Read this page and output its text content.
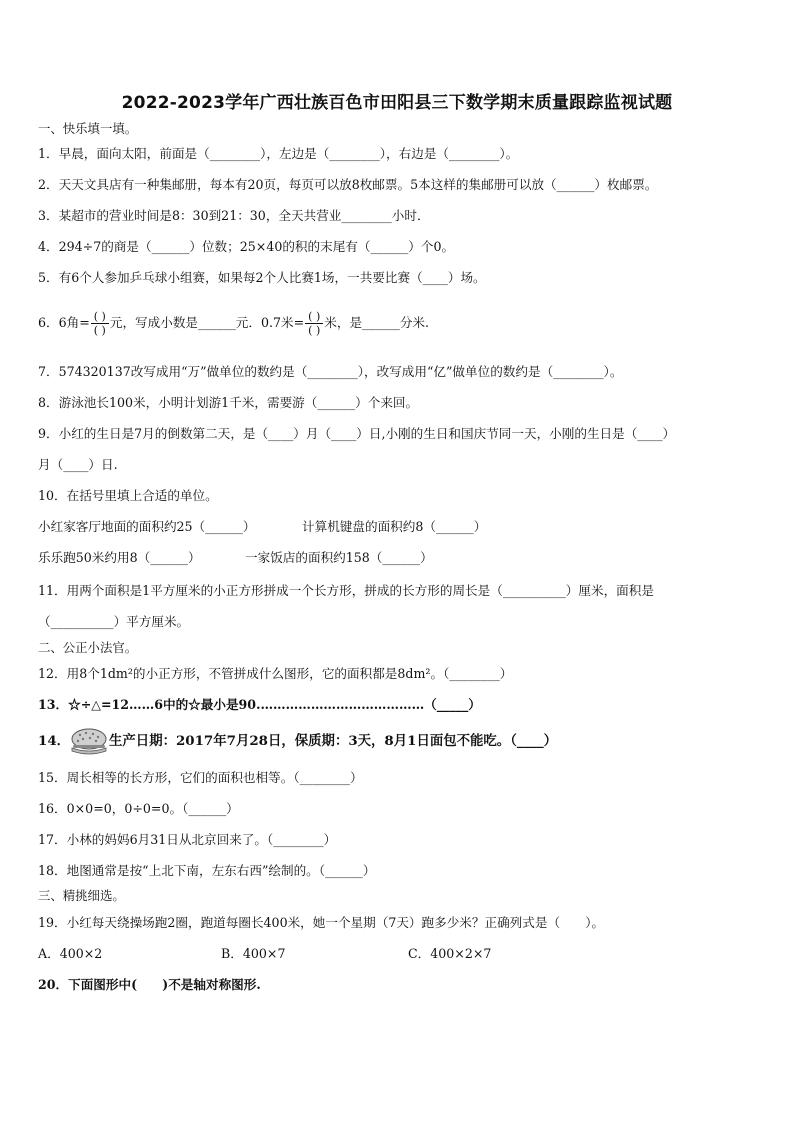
2022-2023学年广西壮族百色市田阳县三下数学期末质量跟踪监视试题
一、快乐填一填。
1．早晨，面向太阳，前面是（________），左边是（________），右边是（________）。
2．天天文具店有一种集邮册，每本有20页，每页可以放8枚邮票。5本这样的集邮册可以放（______）枚邮票。
3．某超市的营业时间是8：30到21：30，全天共营业________小时．
4．294÷7的商是（______）位数；25×40的积的末尾有（______）个0。
5．有6个人参加乒乓球小组赛，如果每2个人比赛1场，一共要比赛（____）场。
6．6角= $\frac{( )}{( )}$ 元，写成小数是______元．0.7米= $\frac{( )}{( )}$ 米，是______分米.
7．574320137改写成用“万”做单位的数约是（________），改写成用“亿”做单位的数约是（________）。
8．游泳池长100米，小明计划游1千米，需要游（______）个来回。
9．小红的生日是7月的倒数第二天，是（____）月（____）日,小刚的生日和国庆节同一天，小刚的生日是（____）
月（____）日.
10．在括号里填上合适的单位。
小红家客厅地面的面积约25（______）	计算机键盘的面积约8（______）
乐乐跑50米约用8（______）	一家饭店的面积约158（______）
11．用两个面积是1平方厘米的小正方形拼成一个长方形，拼成的长方形的周长是（__________）厘米，面积是
（__________）平方厘米。
二、公正小法官。
12．用8个1dm²的小正方形，不管拼成什么图形，它的面积都是8dm²。（________）
13．☆÷△=12……6中的☆最小是90.…………………………………（_____）
14．	生产日期：2017年7月28日，保质期：3天，8月1日面包不能吃。（____）
15．周长相等的长方形，它们的面积也相等。（________）
16．0×0=0，0÷0=0。（______）
17．小林的妈妈6月31日从北京回来了。（________）
18．地图通常是按“上北下南，左东右西”绘制的。（______）
三、精挑细选。
19．小红每天绕操场跑2圈，跑道每圈长400米，她一个星期（7天）跑多少米？正确列式是（　　）。
A．400×2	B．400×7	C．400×2×7
20．下面图形中(　　)不是轴对称图形.
